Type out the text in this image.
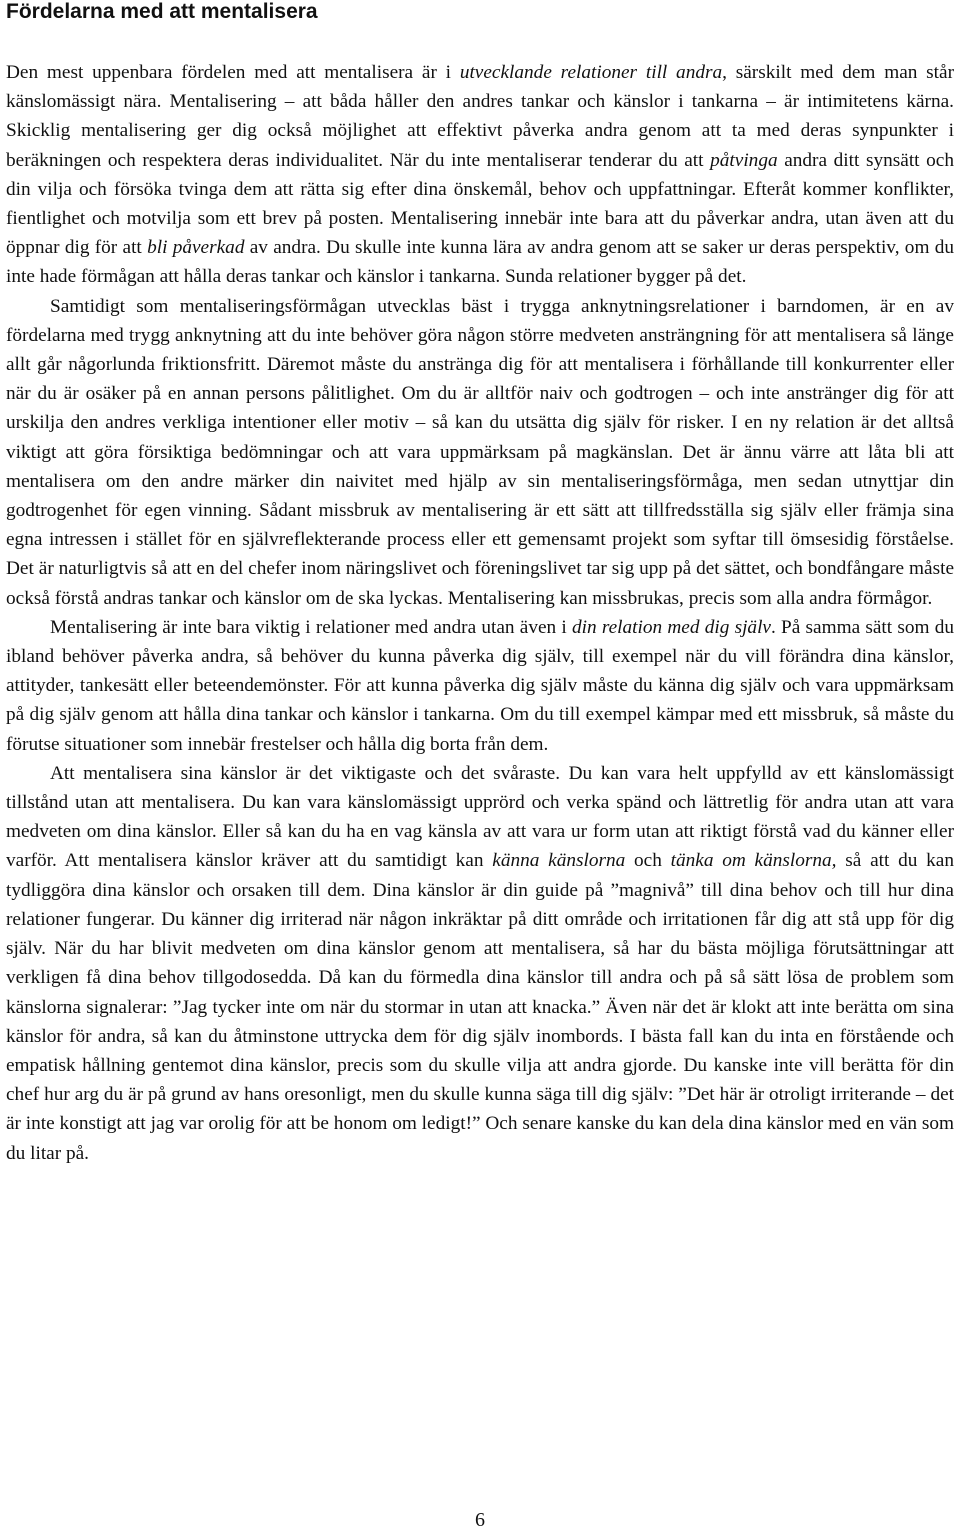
Fördelarna med att mentalisera

Den mest uppenbara fördelen med att mentalisera är i utvecklande relationer till andra, särskilt med dem man står känslomässigt nära. Mentalisering – att båda håller den andres tankar och känslor i tankarna – är intimitetens kärna. Skicklig mentalisering ger dig också möjlighet att effektivt påverka andra genom att ta med deras synpunkter i beräkningen och respektera deras individualitet. När du inte mentaliserar tenderar du att påtvinga andra ditt synsätt och din vilja och försöka tvinga dem att rätta sig efter dina önskemål, behov och uppfattningar. Efteråt kommer konflikter, fientlighet och motvilja som ett brev på posten. Mentalisering innebär inte bara att du påverkar andra, utan även att du öppnar dig för att bli påverkad av andra. Du skulle inte kunna lära av andra genom att se saker ur deras perspektiv, om du inte hade förmågan att hålla deras tankar och känslor i tankarna. Sunda relationer bygger på det.

Samtidigt som mentaliseringsförmågan utvecklas bäst i trygga anknytningsrelationer i barndomen, är en av fördelarna med trygg anknytning att du inte behöver göra någon större medveten ansträngning för att mentalisera så länge allt går någorlunda friktionsfritt. Däremot måste du anstränga dig för att mentalisera i förhållande till konkurrenter eller när du är osäker på en annan persons pålitlighet. Om du är alltför naiv och godtrogen – och inte anstränger dig för att urskilja den andres verkliga intentioner eller motiv – så kan du utsätta dig själv för risker. I en ny relation är det alltså viktigt att göra försiktiga bedömningar och att vara uppmärksam på magkänslan. Det är ännu värre att låta bli att mentalisera om den andre märker din naivitet med hjälp av sin mentaliseringsförmåga, men sedan utnyttjar din godtrogenhet för egen vinning. Sådant missbruk av mentalisering är ett sätt att tillfredsställa sig själv eller främja sina egna intressen i stället för en självreflekterande process eller ett gemensamt projekt som syftar till ömsesidig förståelse. Det är naturligtvis så att en del chefer inom näringslivet och föreningslivet tar sig upp på det sättet, och bondfångare måste också förstå andras tankar och känslor om de ska lyckas. Mentalisering kan missbrukas, precis som alla andra förmågor.

Mentalisering är inte bara viktig i relationer med andra utan även i din relation med dig själv. På samma sätt som du ibland behöver påverka andra, så behöver du kunna påverka dig själv, till exempel när du vill förändra dina känslor, attityder, tankesätt eller beteendemönster. För att kunna påverka dig själv måste du känna dig själv och vara uppmärksam på dig själv genom att hålla dina tankar och känslor i tankarna. Om du till exempel kämpar med ett missbruk, så måste du förutse situationer som innebär frestelser och hålla dig borta från dem.

Att mentalisera sina känslor är det viktigaste och det svåraste. Du kan vara helt uppfylld av ett känslomässigt tillstånd utan att mentalisera. Du kan vara känslomässigt upprörd och verka spänd och lättretlig för andra utan att vara medveten om dina känslor. Eller så kan du ha en vag känsla av att vara ur form utan att riktigt förstå vad du känner eller varför. Att mentalisera känslor kräver att du samtidigt kan känna känslorna och tänka om känslorna, så att du kan tydliggöra dina känslor och orsaken till dem. Dina känslor är din guide på ”magnivå” till dina behov och till hur dina relationer fungerar. Du känner dig irriterad när någon inkräktar på ditt område och irritationen får dig att stå upp för dig själv. När du har blivit medveten om dina känslor genom att mentalisera, så har du bästa möjliga förutsättningar att verkligen få dina behov tillgodosedda. Då kan du förmedla dina känslor till andra och på så sätt lösa de problem som känslorna signalerar: ”Jag tycker inte om när du stormar in utan att knacka.” Även när det är klokt att inte berätta om sina känslor för andra, så kan du åtminstone uttrycka dem för dig själv inombords. I bästa fall kan du inta en förstående och empatisk hållning gentemot dina känslor, precis som du skulle vilja att andra gjorde. Du kanske inte vill berätta för din chef hur arg du är på grund av hans oresonligt, men du skulle kunna säga till dig själv: ”Det här är otroligt irriterande – det är inte konstigt att jag var orolig för att be honom om ledigt!” Och senare kanske du kan dela dina känslor med en vän som du litar på.

6
